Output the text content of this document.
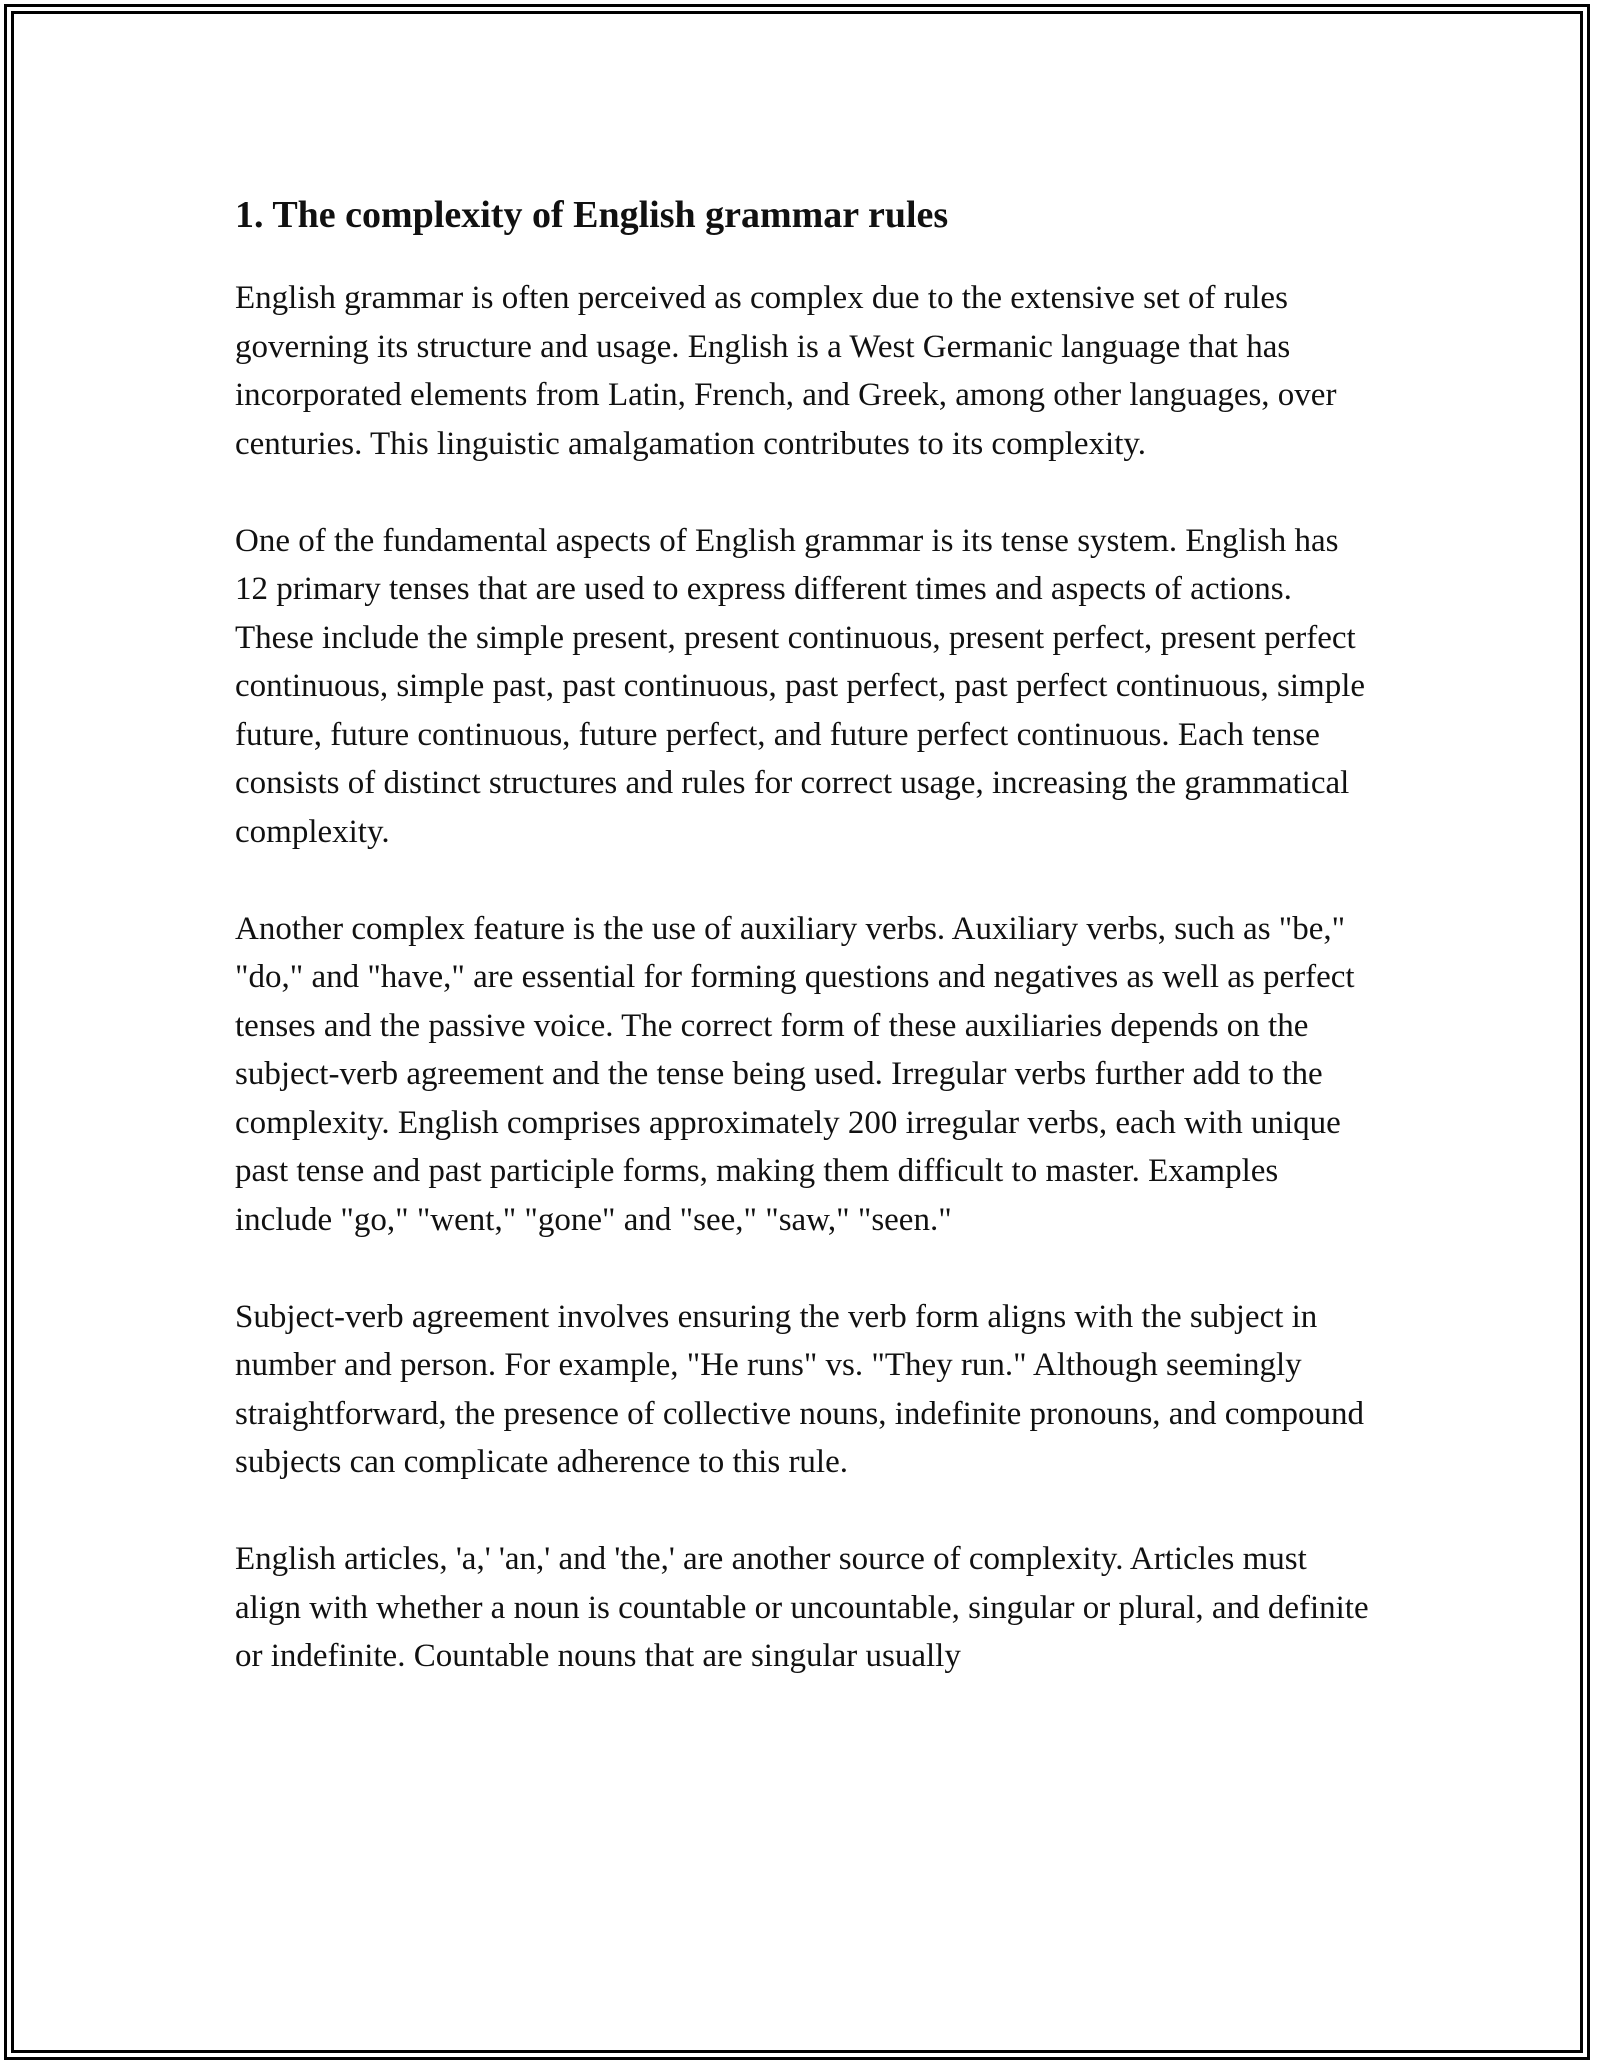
1. The complexity of English grammar rules

English grammar is often perceived as complex due to the extensive set of rules governing its structure and usage. English is a West Germanic language that has incorporated elements from Latin, French, and Greek, among other languages, over centuries. This linguistic amalgamation contributes to its complexity.

One of the fundamental aspects of English grammar is its tense system. English has 12 primary tenses that are used to express different times and aspects of actions. These include the simple present, present continuous, present perfect, present perfect continuous, simple past, past continuous, past perfect, past perfect continuous, simple future, future continuous, future perfect, and future perfect continuous. Each tense consists of distinct structures and rules for correct usage, increasing the grammatical complexity.

Another complex feature is the use of auxiliary verbs. Auxiliary verbs, such as "be," "do," and "have," are essential for forming questions and negatives as well as perfect tenses and the passive voice. The correct form of these auxiliaries depends on the subject-verb agreement and the tense being used. Irregular verbs further add to the complexity. English comprises approximately 200 irregular verbs, each with unique past tense and past participle forms, making them difficult to master. Examples include "go," "went," "gone" and "see," "saw," "seen."

Subject-verb agreement involves ensuring the verb form aligns with the subject in number and person. For example, "He runs" vs. "They run." Although seemingly straightforward, the presence of collective nouns, indefinite pronouns, and compound subjects can complicate adherence to this rule.

English articles, 'a,' 'an,' and 'the,' are another source of complexity. Articles must align with whether a noun is countable or uncountable, singular or plural, and definite or indefinite. Countable nouns that are singular usually
